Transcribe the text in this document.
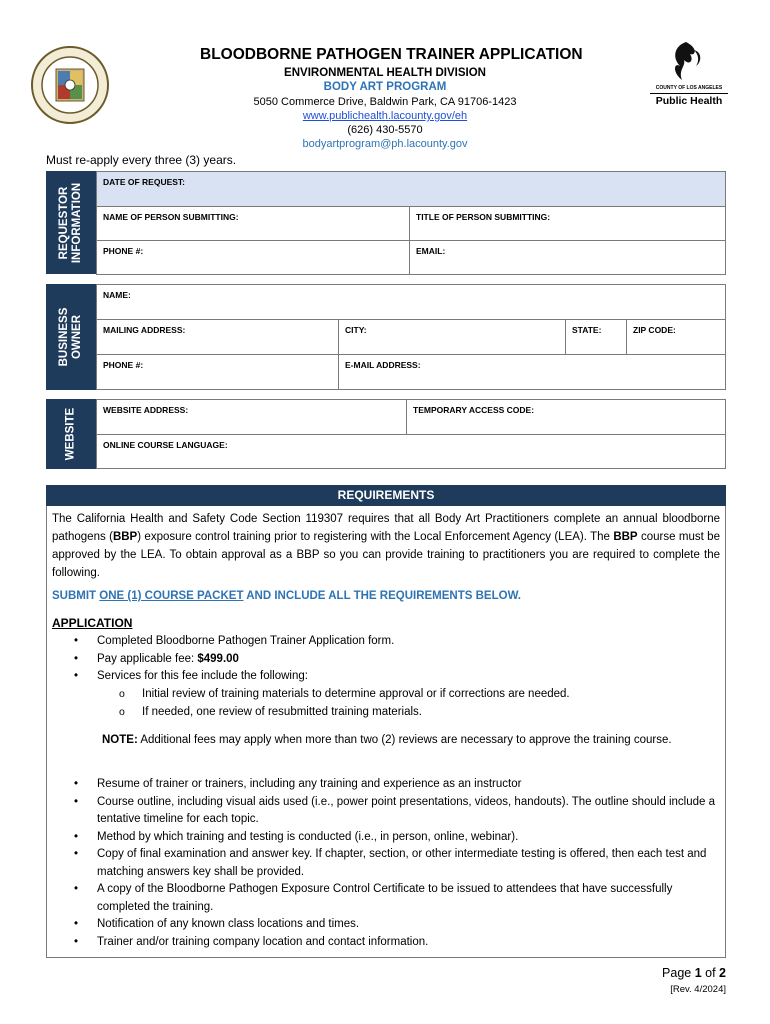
BLOODBORNE PATHOGEN TRAINER APPLICATION
ENVIRONMENTAL HEALTH DIVISION
BODY ART PROGRAM
5050 Commerce Drive, Baldwin Park, CA 91706-1423
www.publichealth.lacounty.gov/eh
(626) 430-5570
bodyartprogram@ph.lacounty.gov
COUNTY OF LOS ANGELES
Public Health
Must re-apply every three (3) years.
REQUESTOR INFORMATION
DATE OF REQUEST:
NAME OF PERSON SUBMITTING:	TITLE OF PERSON SUBMITTING:
PHONE #:	EMAIL:
BUSINESS OWNER
NAME:
MAILING ADDRESS:	CITY:	STATE:	ZIP CODE:
PHONE #:	E-MAIL ADDRESS:
WEBSITE	WEBSITE ADDRESS:	TEMPORARY ACCESS CODE:
ONLINE COURSE LANGUAGE:
REQUIREMENTS
The California Health and Safety Code Section 119307 requires that all Body Art Practitioners complete an annual bloodborne pathogens (BBP) exposure control training prior to registering with the Local Enforcement Agency (LEA). The BBP course must be approved by the LEA. To obtain approval as a BBP so you can provide training to practitioners you are required to complete the following.
SUBMIT ONE (1) COURSE PACKET AND INCLUDE ALL THE REQUIREMENTS BELOW.
APPLICATION
• Completed Bloodborne Pathogen Trainer Application form.
• Pay applicable fee: $499.00
• Services for this fee include the following:
o Initial review of training materials to determine approval or if corrections are needed.
o If needed, one review of resubmitted training materials.
NOTE: Additional fees may apply when more than two (2) reviews are necessary to approve the training course.
• Resume of trainer or trainers, including any training and experience as an instructor
• Course outline, including visual aids used (i.e., power point presentations, videos, handouts). The outline should include a tentative timeline for each topic.
• Method by which training and testing is conducted (i.e., in person, online, webinar).
• Copy of final examination and answer key. If chapter, section, or other intermediate testing is offered, then each test and matching answers key shall be provided.
• A copy of the Bloodborne Pathogen Exposure Control Certificate to be issued to attendees that have successfully completed the training.
• Notification of any known class locations and times.
• Trainer and/or training company location and contact information.
Page 1 of 2
[Rev. 4/2024]
